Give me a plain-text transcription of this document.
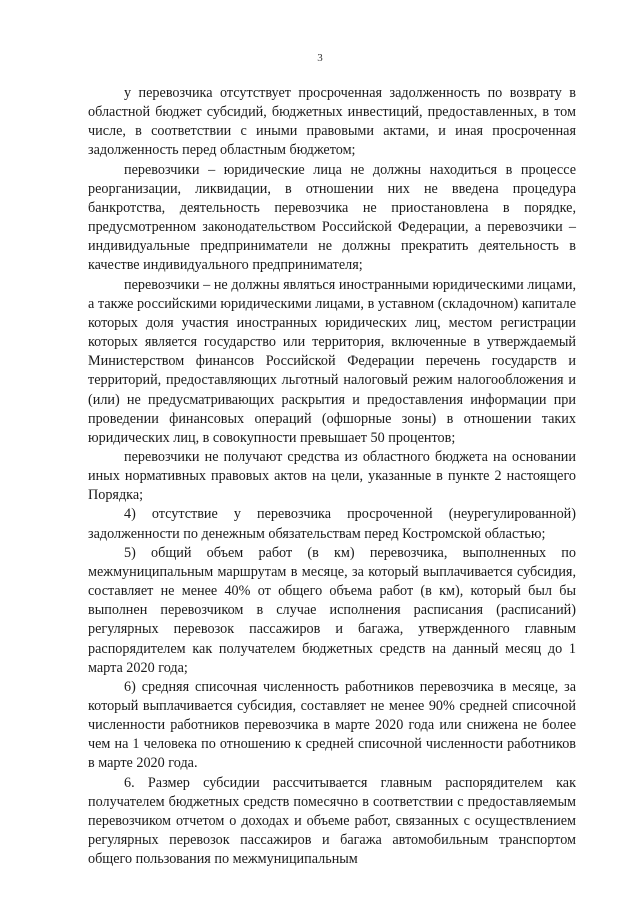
3

у перевозчика отсутствует просроченная задолженность по возврату в областной бюджет субсидий, бюджетных инвестиций, предоставленных, в том числе, в соответствии с иными правовыми актами, и иная просроченная задолженность перед областным бюджетом;

перевозчики – юридические лица не должны находиться в процессе реорганизации, ликвидации, в отношении них не введена процедура банкротства, деятельность перевозчика не приостановлена в порядке, предусмотренном законодательством Российской Федерации, а перевозчики – индивидуальные предприниматели не должны прекратить деятельность в качестве индивидуального предпринимателя;

перевозчики – не должны являться иностранными юридическими лицами, а также российскими юридическими лицами, в уставном (складочном) капитале которых доля участия иностранных юридических лиц, местом регистрации которых является государство или территория, включенные в утверждаемый Министерством финансов Российской Федерации перечень государств и территорий, предоставляющих льготный налоговый режим налогообложения и (или) не предусматривающих раскрытия и предоставления информации при проведении финансовых операций (офшорные зоны) в отношении таких юридических лиц, в совокупности превышает 50 процентов;

перевозчики не получают средства из областного бюджета на основании иных нормативных правовых актов на цели, указанные в пункте 2 настоящего Порядка;

4) отсутствие у перевозчика просроченной (неурегулированной) задолженности по денежным обязательствам перед Костромской областью;

5) общий объем работ (в км) перевозчика, выполненных по межмуниципальным маршрутам в месяце, за который выплачивается субсидия, составляет не менее 40% от общего объема работ (в км), который был бы выполнен перевозчиком в случае исполнения расписания (расписаний) регулярных перевозок пассажиров и багажа, утвержденного главным распорядителем как получателем бюджетных средств на данный месяц до 1 марта 2020 года;

6) средняя списочная численность работников перевозчика в месяце, за который выплачивается субсидия, составляет не менее 90% средней списочной численности работников перевозчика в марте 2020 года или снижена не более чем на 1 человека по отношению к средней списочной численности работников в марте 2020 года.

6. Размер субсидии рассчитывается главным распорядителем как получателем бюджетных средств помесячно в соответствии с предоставляемым перевозчиком отчетом о доходах и объеме работ, связанных с осуществлением регулярных перевозок пассажиров и багажа автомобильным транспортом общего пользования по межмуниципальным
